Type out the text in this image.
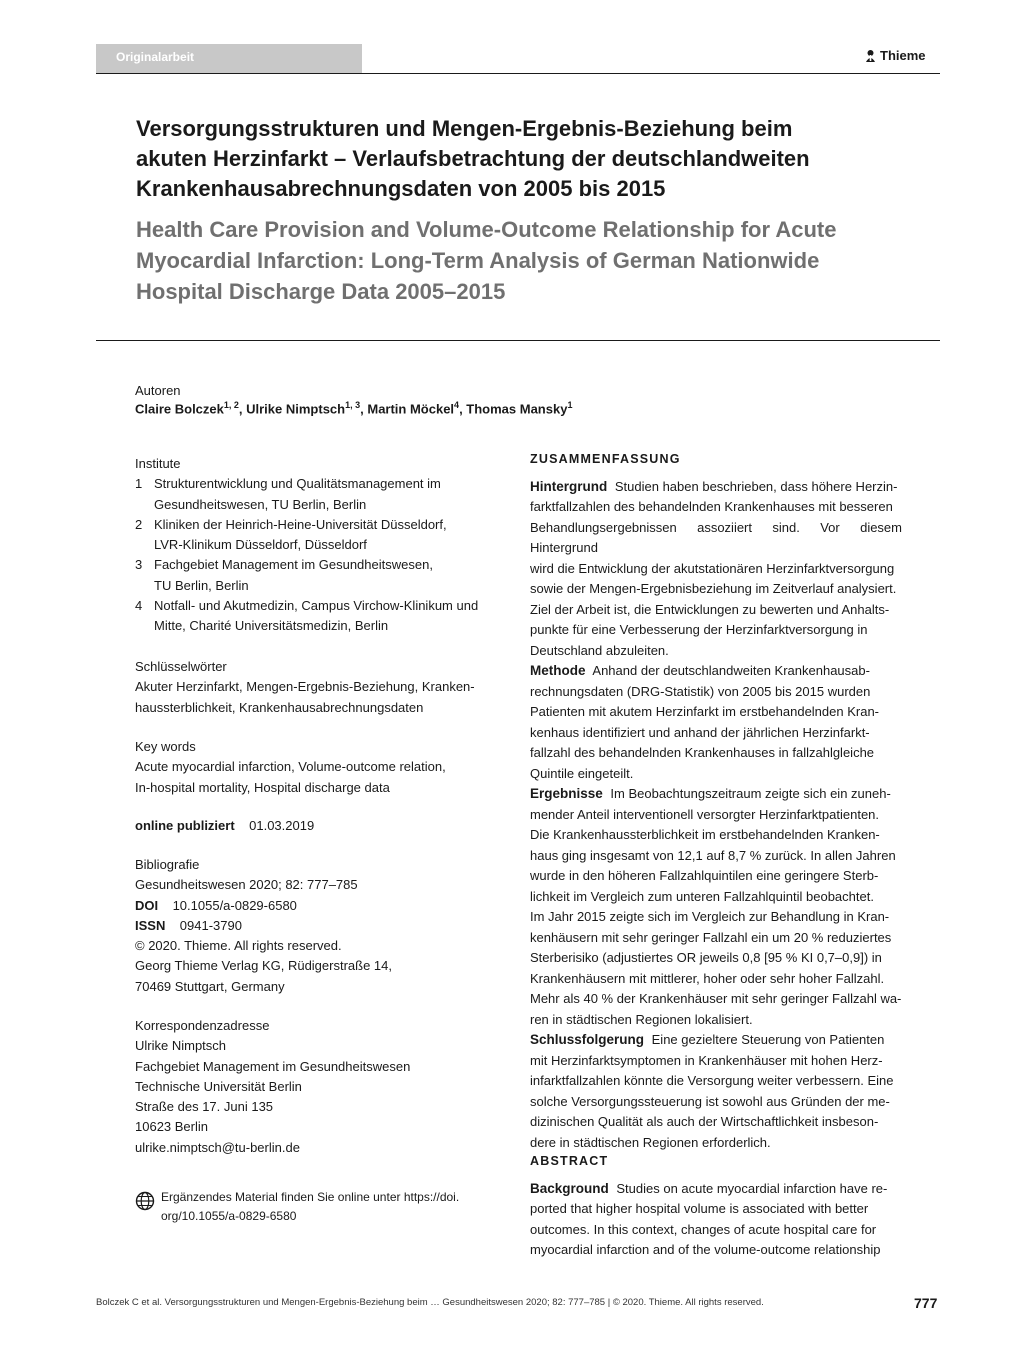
Originalarbeit	Thieme
Versorgungsstrukturen und Mengen-Ergebnis-Beziehung beim
akuten Herzinfarkt – Verlaufsbetrachtung der deutschlandweiten
Krankenhausabrechnungsdaten von 2005 bis 2015
Health Care Provision and Volume-Outcome Relationship for Acute
Myocardial Infarction: Long-Term Analysis of German Nationwide
Hospital Discharge Data 2005–2015
Autoren
Claire Bolczek$^{1, 2}$, Ulrike Nimptsch$^{1, 3}$, Martin Möckel$^4$, Thomas Mansky$^1$
Institute
1 Strukturentwicklung und Qualitätsmanagement im
Gesundheitswesen, TU Berlin, Berlin
2 Kliniken der Heinrich-Heine-Universität Düsseldorf,
LVR-Klinikum Düsseldorf, Düsseldorf
3 Fachgebiet Management im Gesundheitswesen,
TU Berlin, Berlin
4 Notfall- und Akutmedizin, Campus Virchow-Klinikum und
Mitte, Charité Universitätsmedizin, Berlin
Schlüsselwörter
Akuter Herzinfarkt, Mengen-Ergebnis-Beziehung, Kranken-
haussterblichkeit, Krankenhausabrechnungsdaten
Key words
Acute myocardial infarction, Volume-outcome relation,
In-hospital mortality, Hospital discharge data
online publiziert 01.03.2019
Bibliografie
Gesundheitswesen 2020; 82: 777–785
DOI 10.1055/a-0829-6580
ISSN 0941-3790
© 2020. Thieme. All rights reserved.
Georg Thieme Verlag KG, Rüdigerstraße 14,
70469 Stuttgart, Germany
Korrespondenzadresse
Ulrike Nimptsch
Fachgebiet Management im Gesundheitswesen
Technische Universität Berlin
Straße des 17. Juni 135
10623 Berlin
ulrike.nimptsch@tu-berlin.de
Ergänzendes Material finden Sie online unter https://doi.
org/10.1055/a-0829-6580
ZUSAMMENFASSUNG
Hintergrund Studien haben beschrieben, dass höhere Herzin-
farktfallzahlen des behandelnden Krankenhauses mit besseren
Behandlungsergebnissen assoziiert sind. Vor diesem Hintergrund
wird die Entwicklung der akutstationären Herzinfarktversorgung
sowie der Mengen-Ergebnisbeziehung im Zeitverlauf analysiert.
Ziel der Arbeit ist, die Entwicklungen zu bewerten und Anhalts-
punkte für eine Verbesserung der Herzinfarktversorgung in
Deutschland abzuleiten.
Methode Anhand der deutschlandweiten Krankenhausab-
rechnungsdaten (DRG-Statistik) von 2005 bis 2015 wurden
Patienten mit akutem Herzinfarkt im erstbehandelnden Kran-
kenhaus identifiziert und anhand der jährlichen Herzinfarkt-
fallzahl des behandelnden Krankenhauses in fallzahlgleiche
Quintile eingeteilt.
Ergebnisse Im Beobachtungszeitraum zeigte sich ein zuneh-
mender Anteil interventionell versorgter Herzinfarktpatienten.
Die Krankenhaussterblichkeit im erstbehandelnden Kranken-
haus ging insgesamt von 12,1 auf 8,7 % zurück. In allen Jahren
wurde in den höheren Fallzahlquintilen eine geringere Sterb-
lichkeit im Vergleich zum unteren Fallzahlquintil beobachtet.
Im Jahr 2015 zeigte sich im Vergleich zur Behandlung in Kran-
kenhäusern mit sehr geringer Fallzahl ein um 20 % reduziertes
Sterberisiko (adjustiertes OR jeweils 0,8 [95 % KI 0,7–0,9]) in
Krankenhäusern mit mittlerer, hoher oder sehr hoher Fallzahl.
Mehr als 40 % der Krankenhäuser mit sehr geringer Fallzahl wa-
ren in städtischen Regionen lokalisiert.
Schlussfolgerung Eine gezieltere Steuerung von Patienten
mit Herzinfarktsymptomen in Krankenhäuser mit hohen Herz-
infarktfallzahlen könnte die Versorgung weiter verbessern. Eine
solche Versorgungssteuerung ist sowohl aus Gründen der me-
dizinischen Qualität als auch der Wirtschaftlichkeit insbeson-
dere in städtischen Regionen erforderlich.
ABSTRACT
Background Studies on acute myocardial infarction have re-
ported that higher hospital volume is associated with better
outcomes. In this context, changes of acute hospital care for
myocardial infarction and of the volume-outcome relationship
Bolczek C et al. Versorgungsstrukturen und Mengen-Ergebnis-Beziehung beim … Gesundheitswesen 2020; 82: 777–785 | © 2020. Thieme. All rights reserved.	777
